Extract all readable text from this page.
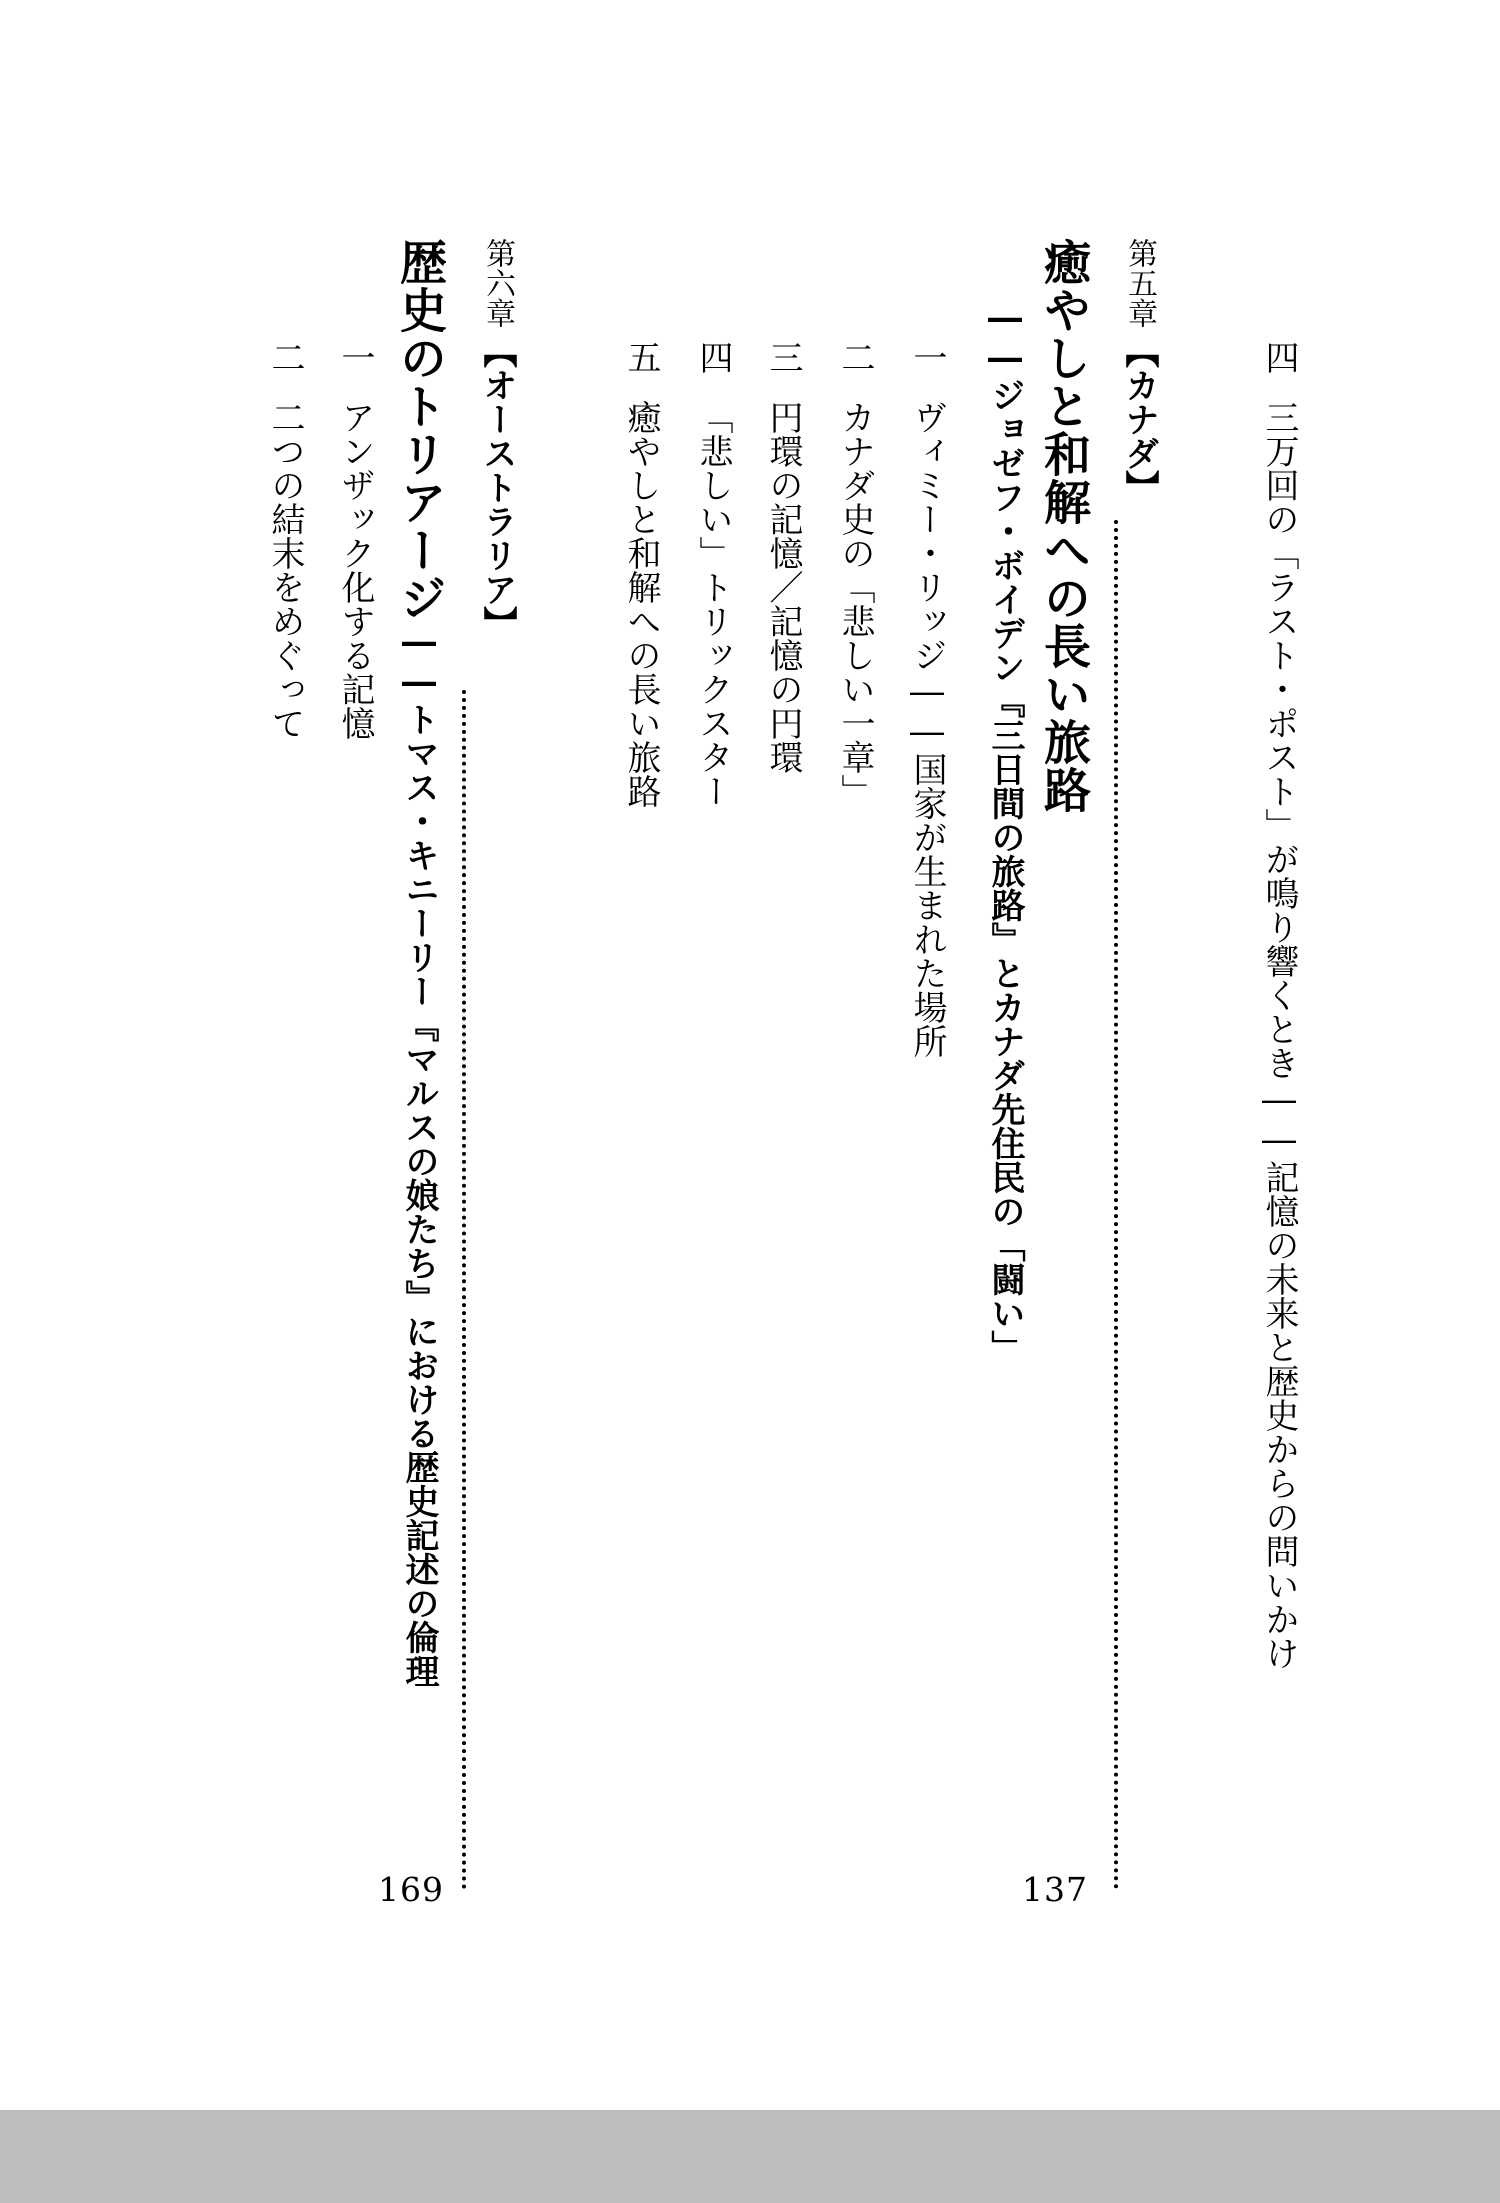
四三万回の「ラスト・ポスト」が鳴り響くとき――記憶の未来と歴史からの問いかけ
第五章【カナダ】
137
癒やしと和解への長い旅路
――ジョゼフ・ボイデン『三日間の旅路』とカナダ先住民の「闘い」
一ヴィミー・リッジ――国家が生まれた場所
二カナダ史の「悲しい一章」
三円環の記憶／記憶の円環
四「悲しい」トリックスター
五癒やしと和解への長い旅路
第六章【オーストラリア】
169
歴史のトリアージ――トマス・キニーリー『マルスの娘たち』における歴史記述の倫理
一アンザック化する記憶
二二つの結末をめぐって
